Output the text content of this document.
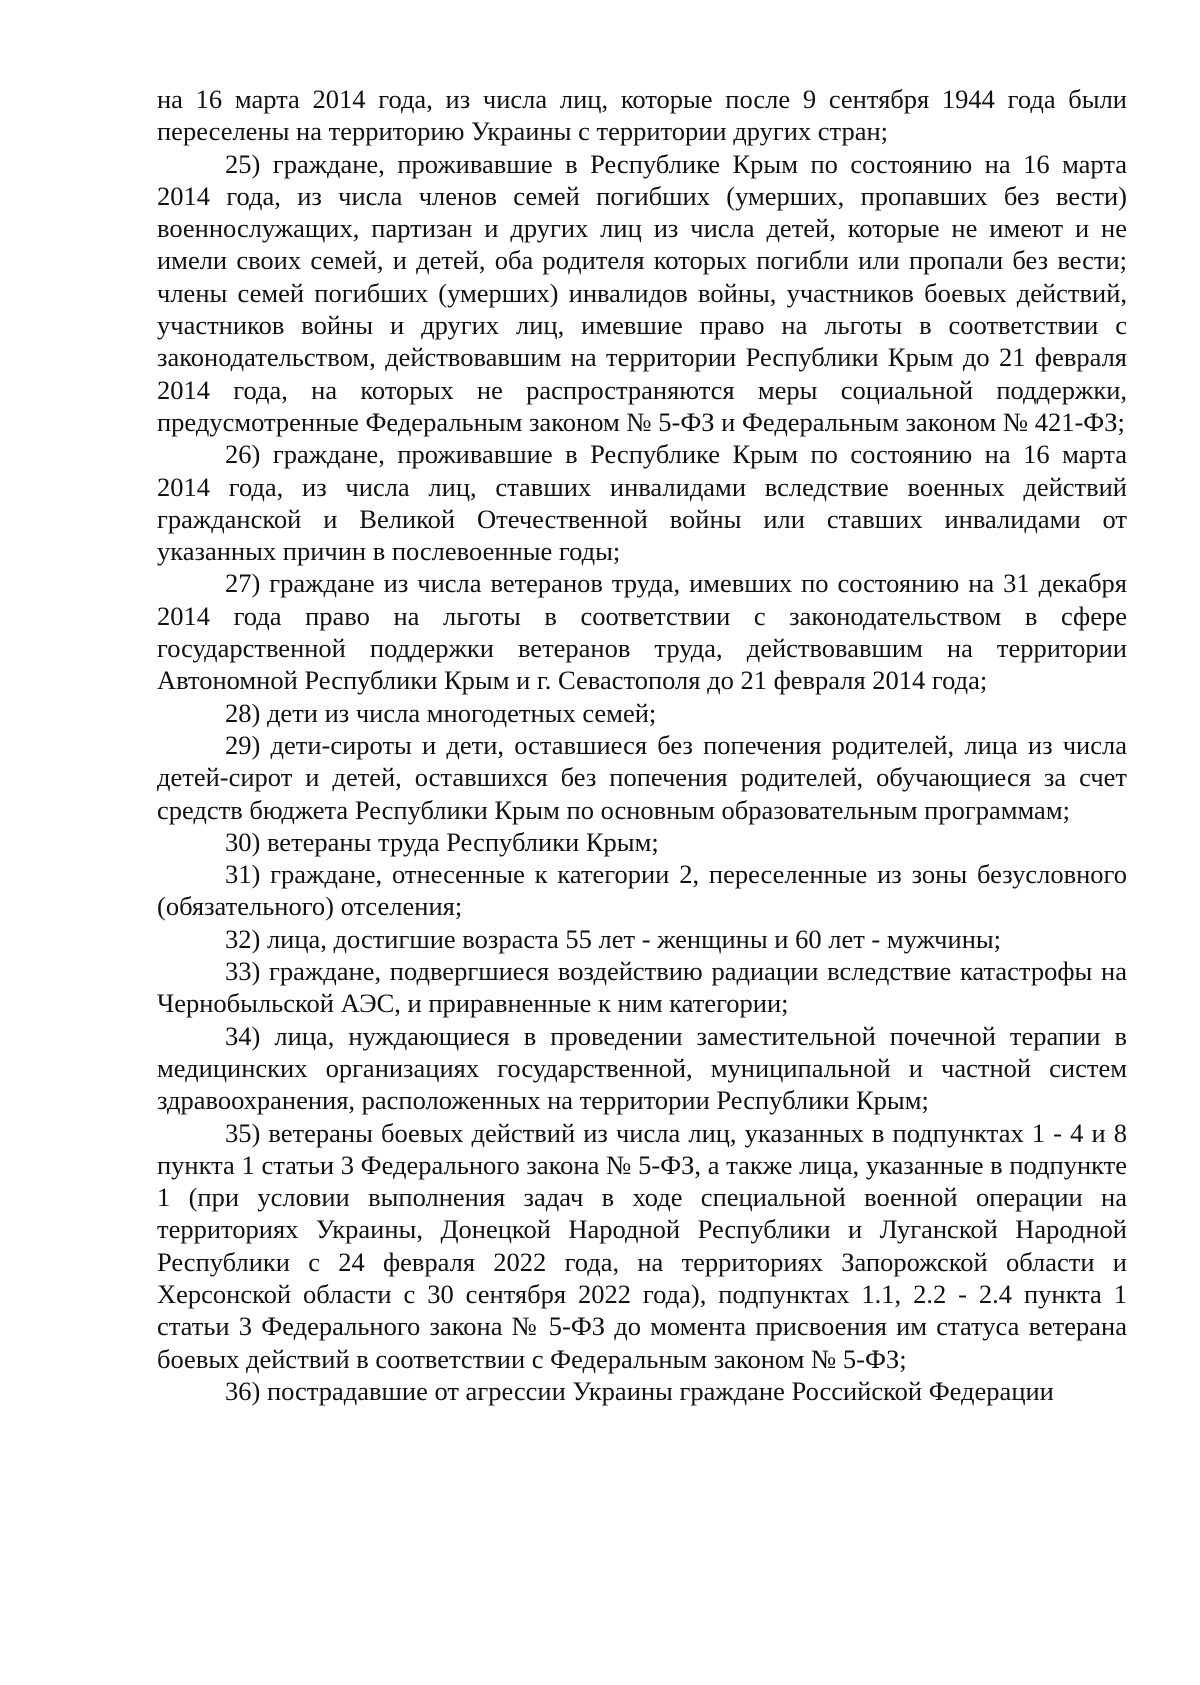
на 16 марта 2014 года, из числа лиц, которые после 9 сентября 1944 года были переселены на территорию Украины с территории других стран;

25) граждане, проживавшие в Республике Крым по состоянию на 16 марта 2014 года, из числа членов семей погибших (умерших, пропавших без вести) военнослужащих, партизан и других лиц из числа детей, которые не имеют и не имели своих семей, и детей, оба родителя которых погибли или пропали без вести; члены семей погибших (умерших) инвалидов войны, участников боевых действий, участников войны и других лиц, имевшие право на льготы в соответствии с законодательством, действовавшим на территории Республики Крым до 21 февраля 2014 года, на которых не распространяются меры социальной поддержки, предусмотренные Федеральным законом № 5-ФЗ и Федеральным законом № 421-ФЗ;

26) граждане, проживавшие в Республике Крым по состоянию на 16 марта 2014 года, из числа лиц, ставших инвалидами вследствие военных действий гражданской и Великой Отечественной войны или ставших инвалидами от указанных причин в послевоенные годы;

27) граждане из числа ветеранов труда, имевших по состоянию на 31 декабря 2014 года право на льготы в соответствии с законодательством в сфере государственной поддержки ветеранов труда, действовавшим на территории Автономной Республики Крым и г. Севастополя до 21 февраля 2014 года;

28) дети из числа многодетных семей;

29) дети-сироты и дети, оставшиеся без попечения родителей, лица из числа детей-сирот и детей, оставшихся без попечения родителей, обучающиеся за счет средств бюджета Республики Крым по основным образовательным программам;

30) ветераны труда Республики Крым;

31) граждане, отнесенные к категории 2, переселенные из зоны безусловного (обязательного) отселения;

32) лица, достигшие возраста 55 лет - женщины и 60 лет - мужчины;

33) граждане, подвергшиеся воздействию радиации вследствие катастрофы на Чернобыльской АЭС, и приравненные к ним категории;

34) лица, нуждающиеся в проведении заместительной почечной терапии в медицинских организациях государственной, муниципальной и частной систем здравоохранения, расположенных на территории Республики Крым;

35) ветераны боевых действий из числа лиц, указанных в подпунктах 1 - 4 и 8 пункта 1 статьи 3 Федерального закона № 5-ФЗ, а также лица, указанные в подпункте 1 (при условии выполнения задач в ходе специальной военной операции на территориях Украины, Донецкой Народной Республики и Луганской Народной Республики с 24 февраля 2022 года, на территориях Запорожской области и Херсонской области с 30 сентября 2022 года), подпунктах 1.1, 2.2 - 2.4 пункта 1 статьи 3 Федерального закона № 5-ФЗ до момента присвоения им статуса ветерана боевых действий в соответствии с Федеральным законом № 5-ФЗ;

36) пострадавшие от агрессии Украины граждане Российской Федерации
